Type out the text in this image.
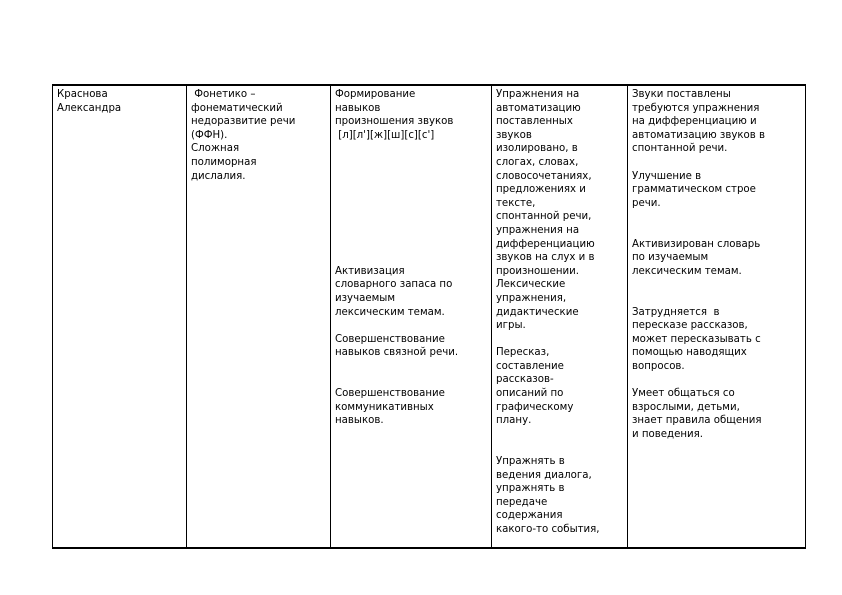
Краснова
Александра	Фонетико –
фонематический
недоразвитие речи
(ФФН).
Сложная
полиморная
дислалия.	Формирование
навыков
произношения звуков
[л][л'][ж][ш][с][с']

Активизация
словарного запаса по
изучаемым
лексическим темам.

Совершенствование
навыков связной речи.

Совершенствование
коммуникативных
навыков.	Упражнения на
автоматизацию
поставленных
звуков
изолировано, в
слогах, словах,
словосочетаниях,
предложениях и
тексте,
спонтанной речи,
упражнения на
дифференциацию
звуков на слух и в
произношении.
Лексические
упражнения,
дидактические
игры.

Пересказ,
составление
рассказов-
описаний по
графическому
плану.

Упражнять в
ведения диалога,
упражнять в
передаче
содержания
какого-то события,	Звуки поставлены
требуются упражнения
на дифференциацию и
автоматизацию звуков в
спонтанной речи.

Улучшение в
грамматическом строе
речи.

Активизирован словарь
по изучаемым
лексическим темам.

Затрудняется  в
пересказе рассказов,
может пересказывать с
помощью наводящих
вопросов.

Умеет общаться со
взрослыми, детьми,
знает правила общения
и поведения.
